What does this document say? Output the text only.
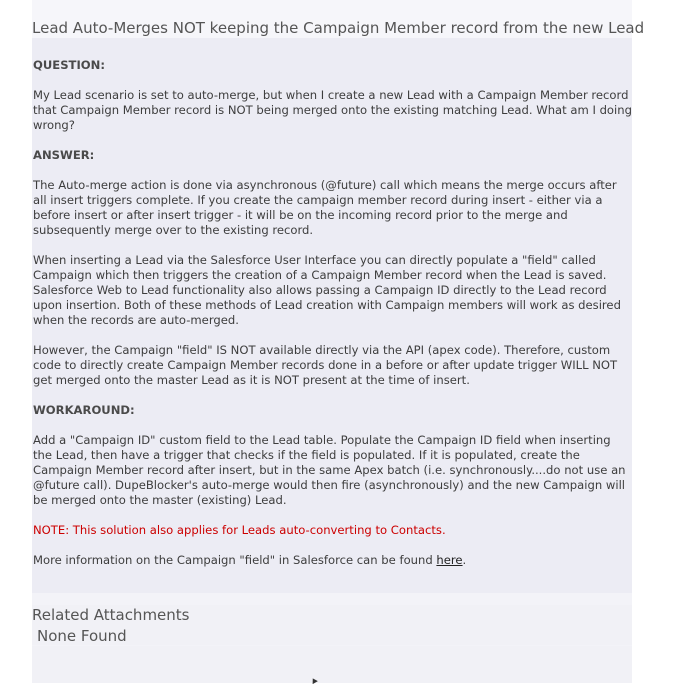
Lead Auto-Merges NOT keeping the Campaign Member record from the new Lead

QUESTION:

My Lead scenario is set to auto-merge, but when I create a new Lead with a Campaign Member record that Campaign Member record is NOT being merged onto the existing matching Lead. What am I doing wrong?

ANSWER:

The Auto-merge action is done via asynchronous (@future) call which means the merge occurs after all insert triggers complete. If you create the campaign member record during insert - either via a before insert or after insert trigger - it will be on the incoming record prior to the merge and subsequently merge over to the existing record.

When inserting a Lead via the Salesforce User Interface you can directly populate a "field" called Campaign which then triggers the creation of a Campaign Member record when the Lead is saved. Salesforce Web to Lead functionality also allows passing a Campaign ID directly to the Lead record upon insertion. Both of these methods of Lead creation with Campaign members will work as desired when the records are auto-merged.

However, the Campaign "field" IS NOT available directly via the API (apex code). Therefore, custom code to directly create Campaign Member records done in a before or after update trigger WILL NOT get merged onto the master Lead as it is NOT present at the time of insert.

WORKAROUND:

Add a "Campaign ID" custom field to the Lead table. Populate the Campaign ID field when inserting the Lead, then have a trigger that checks if the field is populated. If it is populated, create the Campaign Member record after insert, but in the same Apex batch (i.e. synchronously....do not use an @future call). DupeBlocker's auto-merge would then fire (asynchronously) and the new Campaign will be merged onto the master (existing) Lead.

NOTE: This solution also applies for Leads auto-converting to Contacts.

More information on the Campaign "field" in Salesforce can be found here.

Related Attachments
None Found
